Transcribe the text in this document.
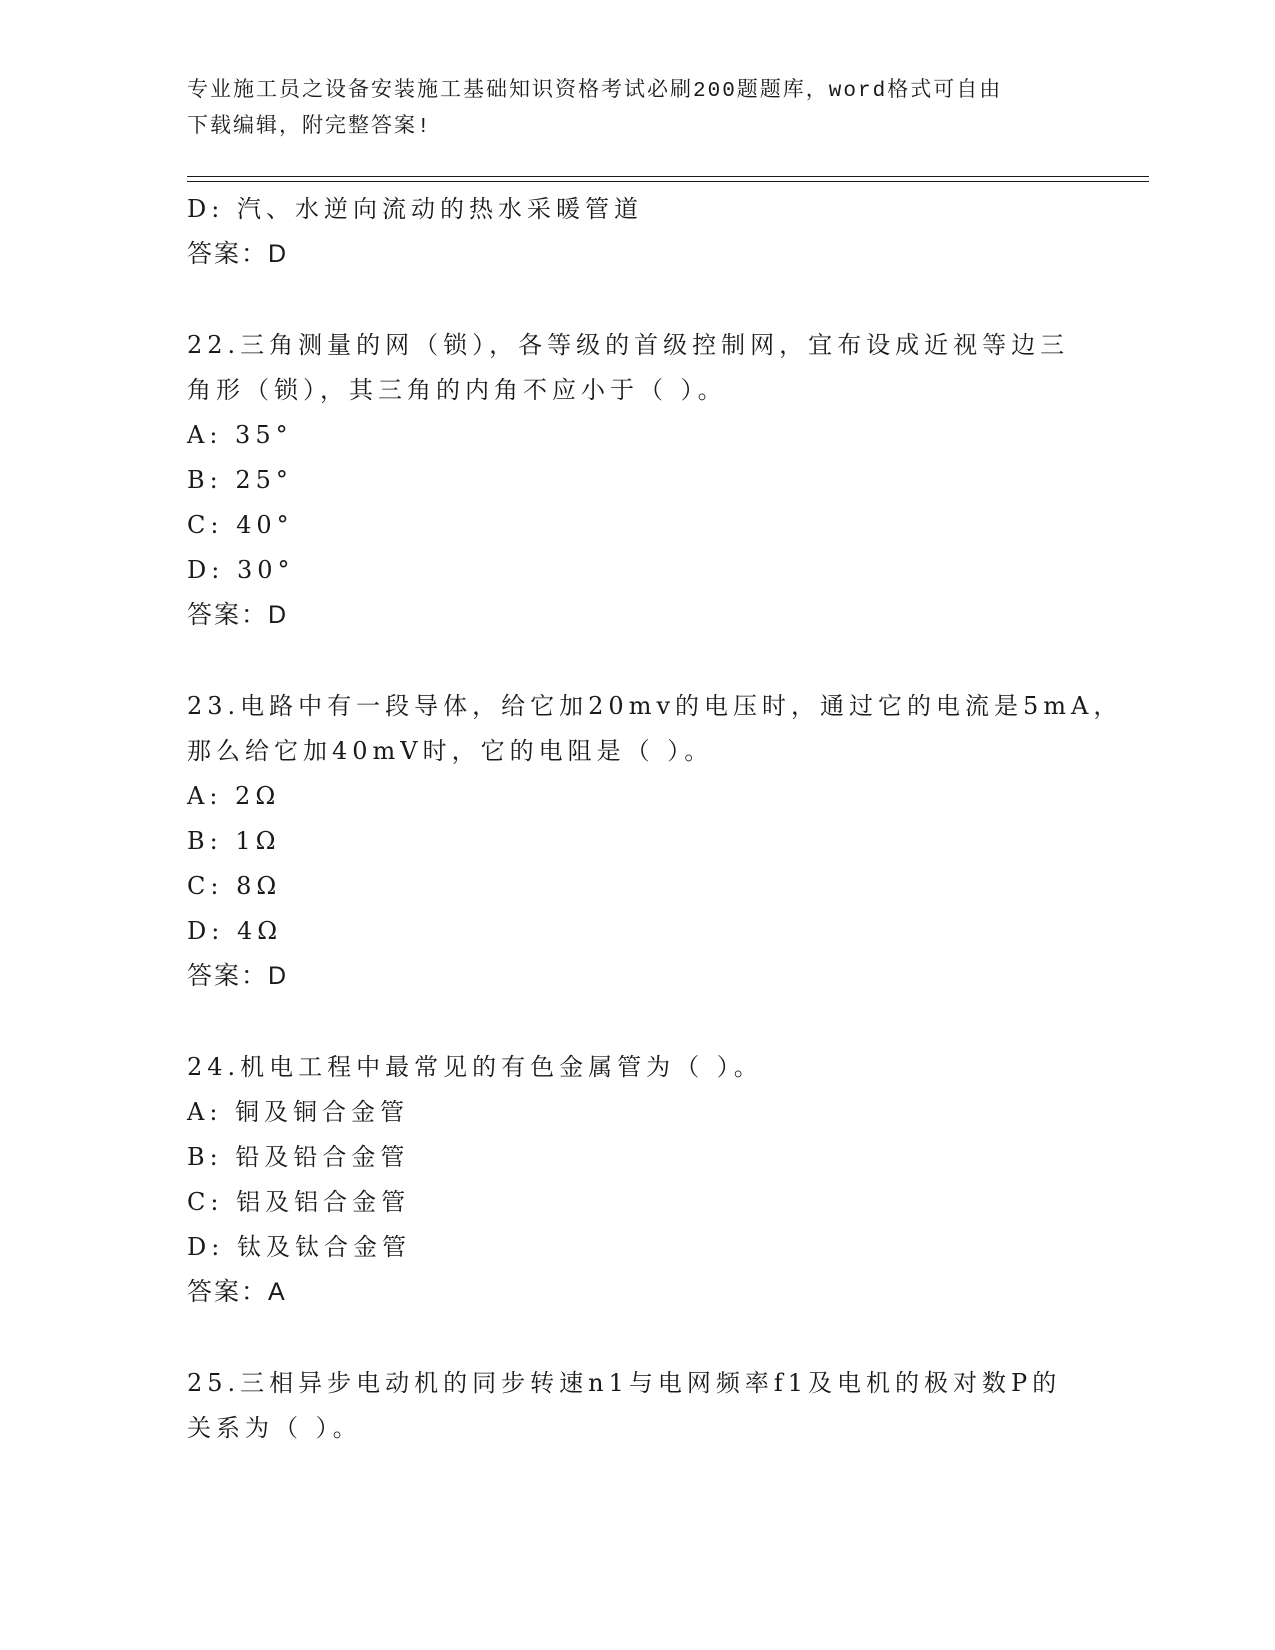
专业施工员之设备安装施工基础知识资格考试必刷200题题库，word格式可自由
下载编辑，附完整答案!
D: 汽、水逆向流动的热水采暖管道
答案：D
22.三角测量的网（锁），各等级的首级控制网，宜布设成近视等边三
角形（锁），其三角的内角不应小于（ ）。
A: 35°
B: 25°
C: 40°
D: 30°
答案：D
23.电路中有一段导体，给它加20mv的电压时，通过它的电流是5mA，
那么给它加40mV时，它的电阻是（ ）。
A: 2Ω
B: 1Ω
C: 8Ω
D: 4Ω
答案：D
24.机电工程中最常见的有色金属管为（ ）。
A: 铜及铜合金管
B: 铅及铅合金管
C: 铝及铝合金管
D: 钛及钛合金管
答案：A
25.三相异步电动机的同步转速n1与电网频率f1及电机的极对数P的
关系为（ ）。
